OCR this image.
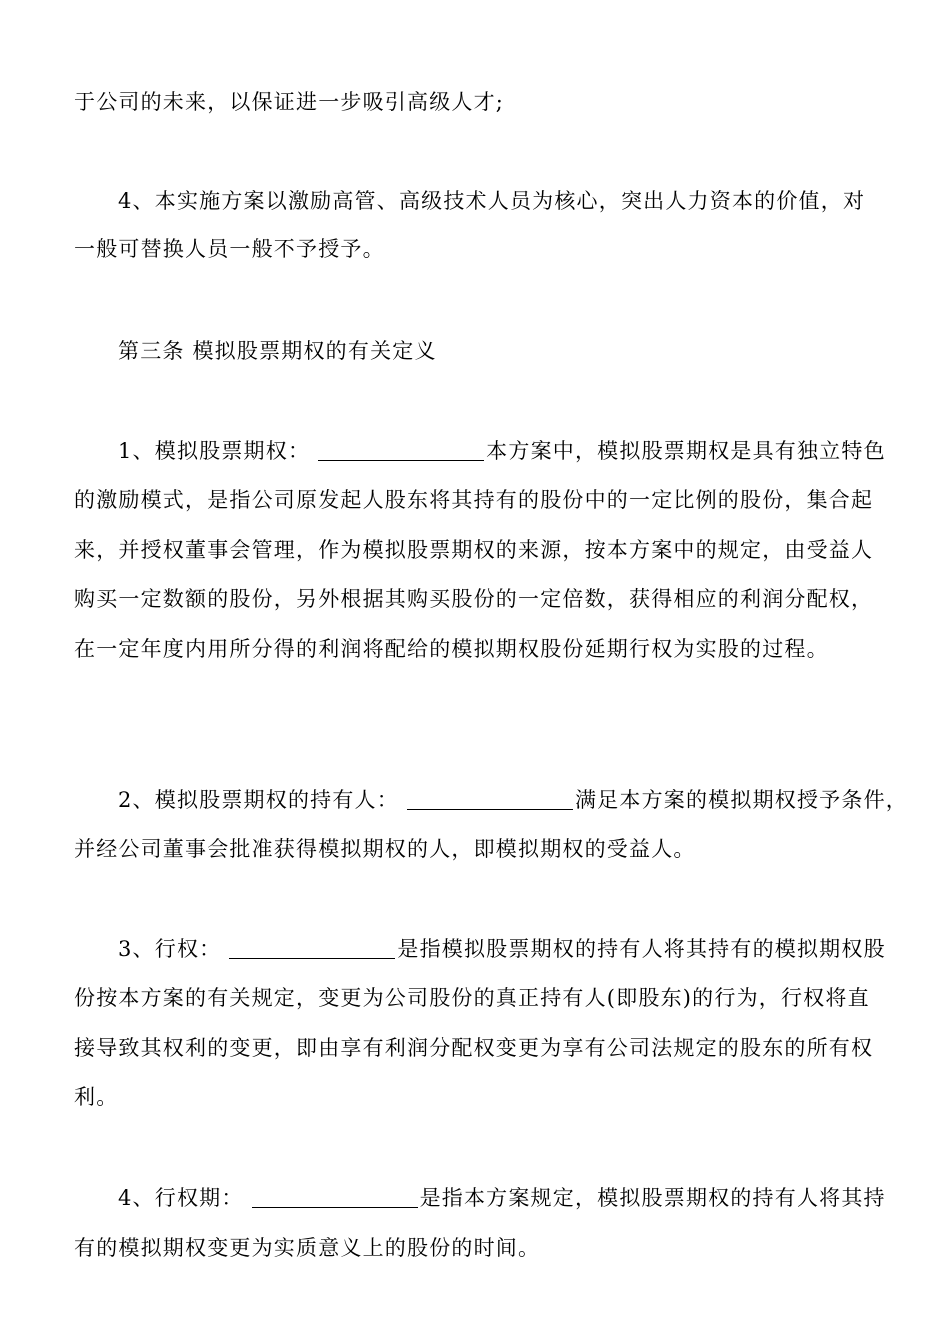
于公司的未来，以保证进一步吸引高级人才;
4、本实施方案以激励高管、高级技术人员为核心，突出人力资本的价值，对
一般可替换人员一般不予授予。
第三条 模拟股票期权的有关定义
1、模拟股票期权：	本方案中，模拟股票期权是具有独立特色
的激励模式，是指公司原发起人股东将其持有的股份中的一定比例的股份，集合起
来，并授权董事会管理，作为模拟股票期权的来源，按本方案中的规定，由受益人
购买一定数额的股份，另外根据其购买股份的一定倍数，获得相应的利润分配权，
在一定年度内用所分得的利润将配给的模拟期权股份延期行权为实股的过程。
2、模拟股票期权的持有人：	满足本方案的模拟期权授予条件，
并经公司董事会批准获得模拟期权的人，即模拟期权的受益人。
3、行权：	是指模拟股票期权的持有人将其持有的模拟期权股
份按本方案的有关规定，变更为公司股份的真正持有人(即股东)的行为，行权将直
接导致其权利的变更，即由享有利润分配权变更为享有公司法规定的股东的所有权
利。
4、行权期：	是指本方案规定，模拟股票期权的持有人将其持
有的模拟期权变更为实质意义上的股份的时间。
